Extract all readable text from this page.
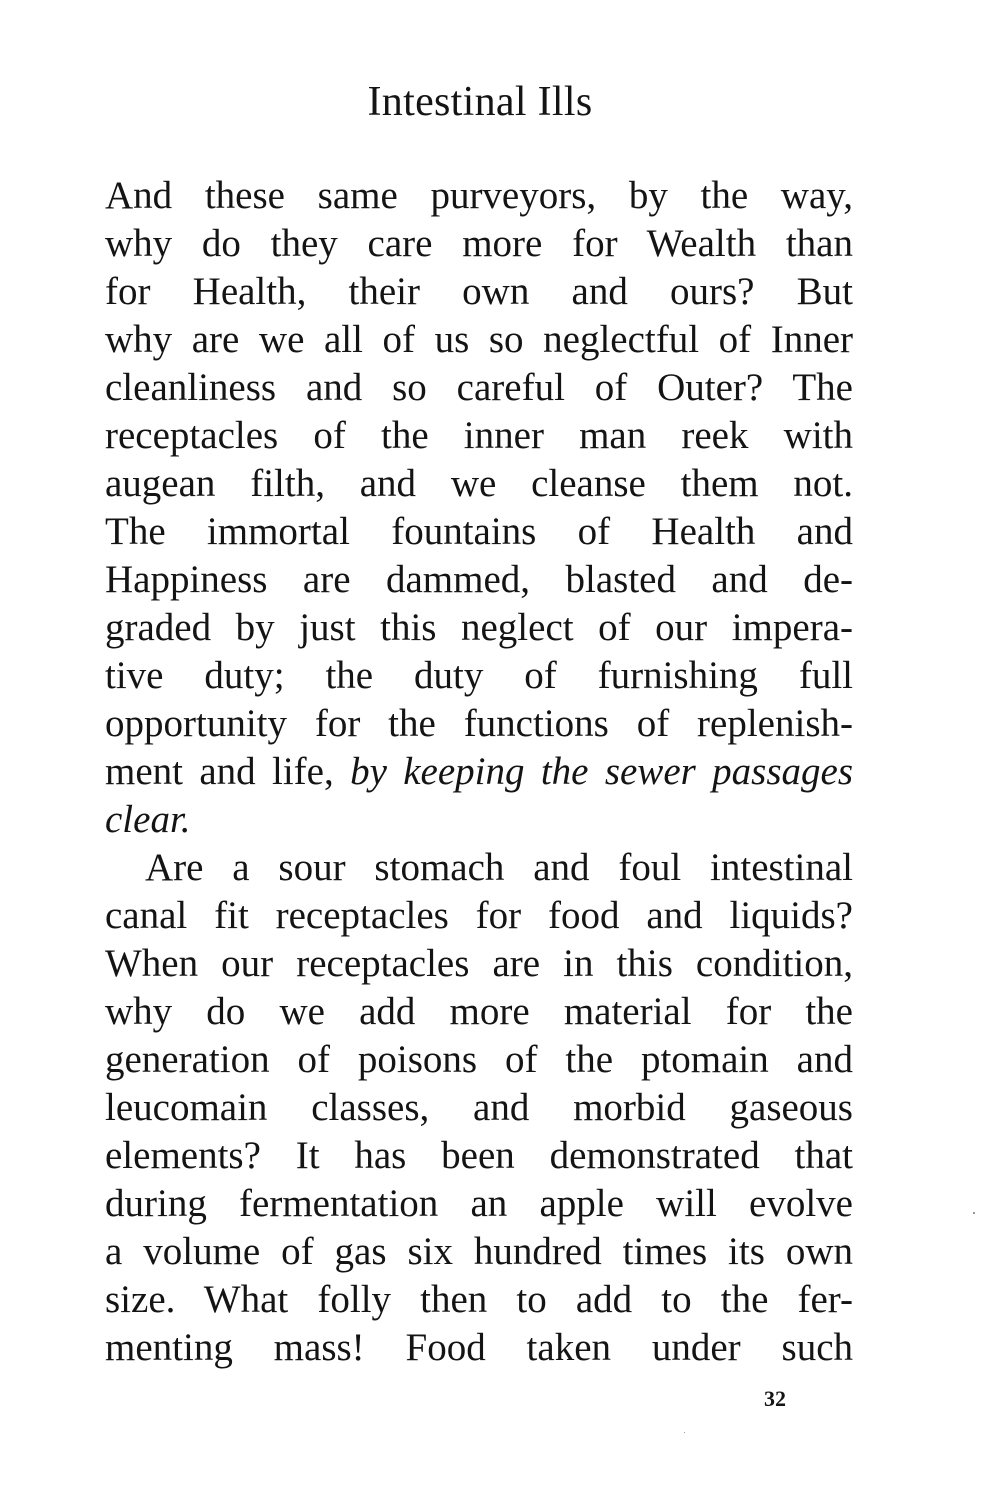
Intestinal Ills
And these same purveyors, by the way,
why do they care more for Wealth than
for Health, their own and ours? But
why are we all of us so neglectful of Inner
cleanliness and so careful of Outer? The
receptacles of the inner man reek with
augean filth, and we cleanse them not.
The immortal fountains of Health and
Happiness are dammed, blasted and de-
graded by just this neglect of our impera-
tive duty; the duty of furnishing full
opportunity for the functions of replenish-
ment and life, by keeping the sewer passages
clear.
Are a sour stomach and foul intestinal
canal fit receptacles for food and liquids?
When our receptacles are in this condition,
why do we add more material for the
generation of poisons of the ptomain and
leucomain classes, and morbid gaseous
elements? It has been demonstrated that
during fermentation an apple will evolve
a volume of gas six hundred times its own
size. What folly then to add to the fer-
menting mass! Food taken under such
32
